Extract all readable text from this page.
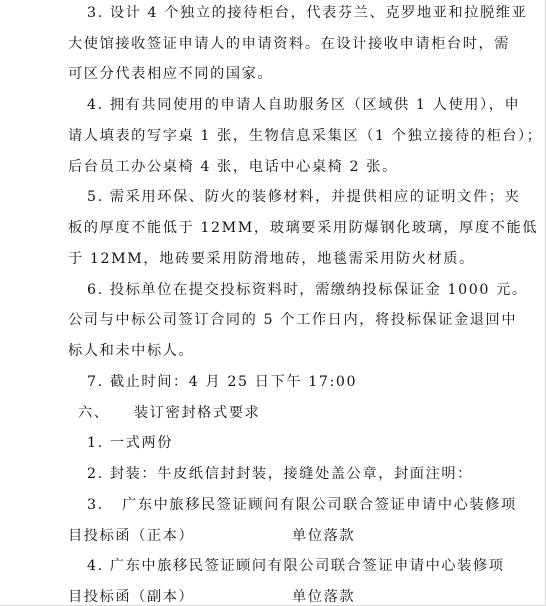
3. 设计 4 个独立的接待柜台，代表芬兰、克罗地亚和拉脱维亚
大使馆接收签证申请人的申请资料。在设计接收申请柜台时，需
可区分代表相应不同的国家。
4. 拥有共同使用的申请人自助服务区（区域供 1 人使用），申
请人填表的写字桌 1 张，生物信息采集区（1 个独立接待的柜台）；
后台员工办公桌椅 4 张，电话中心桌椅 2 张。
5. 需采用环保、防火的装修材料，并提供相应的证明文件；夹
板的厚度不能低于 12MM，玻璃要采用防爆钢化玻璃，厚度不能低
于 12MM，地砖要采用防滑地砖，地毯需采用防火材质。
6. 投标单位在提交投标资料时，需缴纳投标保证金 1000 元。
公司与中标公司签订合同的 5 个工作日内，将投标保证金退回中
标人和未中标人。
7. 截止时间：4 月 25 日下午 17:00
六、    装订密封格式要求
1. 一式两份
2. 封装：牛皮纸信封封装，接缝处盖公章，封面注明：
3.   广东中旅移民签证顾问有限公司联合签证申请中心装修项
目投标函（正本）                单位落款
4. 广东中旅移民签证顾问有限公司联合签证申请中心装修项
目投标函（副本）                单位落款
